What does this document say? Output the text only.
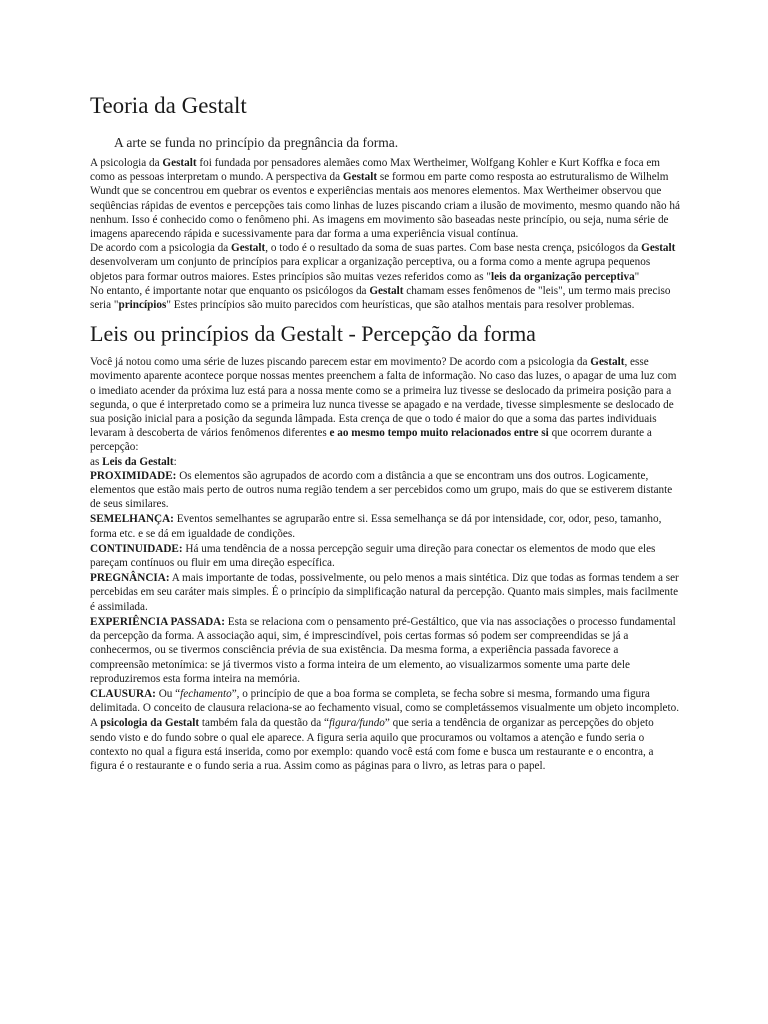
Teoria da Gestalt

A arte se funda no princípio da pregnância da forma.

A psicologia da Gestalt foi fundada por pensadores alemães como Max Wertheimer, Wolfgang Kohler e Kurt Koffka e foca em como as pessoas interpretam o mundo. A perspectiva da Gestalt se formou em parte como resposta ao estruturalismo de Wilhelm Wundt que se concentrou em quebrar os eventos e experiências mentais aos menores elementos. Max Wertheimer observou que seqüências rápidas de eventos e percepções tais como linhas de luzes piscando criam a ilusão de movimento, mesmo quando não há nenhum. Isso é conhecido como o fenômeno phi. As imagens em movimento são baseadas neste princípio, ou seja, numa série de imagens aparecendo rápida e sucessivamente para dar forma a uma experiência visual contínua.

De acordo com a psicologia da Gestalt, o todo é o resultado da soma de suas partes. Com base nesta crença, psicólogos da Gestalt desenvolveram um conjunto de princípios para explicar a organização perceptiva, ou a forma como a mente agrupa pequenos objetos para formar outros maiores. Estes princípios são muitas vezes referidos como as "leis da organização perceptiva"

No entanto, é importante notar que enquanto os psicólogos da Gestalt chamam esses fenômenos de "leis", um termo mais preciso seria "princípios" Estes princípios são muito parecidos com heurísticas, que são atalhos mentais para resolver problemas.

Leis ou princípios da Gestalt - Percepção da forma

Você já notou como uma série de luzes piscando parecem estar em movimento? De acordo com a psicologia da Gestalt, esse movimento aparente acontece porque nossas mentes preenchem a falta de informação. No caso das luzes, o apagar de uma luz com o imediato acender da próxima luz está para a nossa mente como se a primeira luz tivesse se deslocado da primeira posição para a segunda, o que é interpretado como se a primeira luz nunca tivesse se apagado e na verdade, tivesse simplesmente se deslocado de sua posição inicial para a posição da segunda lâmpada. Esta crença de que o todo é maior do que a soma das partes individuais levaram à descoberta de vários fenômenos diferentes e ao mesmo tempo muito relacionados entre si que ocorrem durante a percepção:

as Leis da Gestalt:

PROXIMIDADE: Os elementos são agrupados de acordo com a distância a que se encontram uns dos outros. Logicamente, elementos que estão mais perto de outros numa região tendem a ser percebidos como um grupo, mais do que se estiverem distante de seus similares.

SEMELHANÇA: Eventos semelhantes se agruparão entre si. Essa semelhança se dá por intensidade, cor, odor, peso, tamanho, forma etc. e se dá em igualdade de condições.

CONTINUIDADE: Há uma tendência de a nossa percepção seguir uma direção para conectar os elementos de modo que eles pareçam contínuos ou fluir em uma direção específica.

PREGNÂNCIA: A mais importante de todas, possivelmente, ou pelo menos a mais sintética. Diz que todas as formas tendem a ser percebidas em seu caráter mais simples. É o princípio da simplificação natural da percepção. Quanto mais simples, mais facilmente é assimilada.

EXPERIÊNCIA PASSADA: Esta se relaciona com o pensamento pré-Gestáltico, que via nas associações o processo fundamental da percepção da forma. A associação aqui, sim, é imprescindível, pois certas formas só podem ser compreendidas se já a conhecermos, ou se tivermos consciência prévia de sua existência. Da mesma forma, a experiência passada favorece a compreensão metonímica: se já tivermos visto a forma inteira de um elemento, ao visualizarmos somente uma parte dele reproduziremos esta forma inteira na memória.

CLAUSURA: Ou “fechamento”, o princípio de que a boa forma se completa, se fecha sobre si mesma, formando uma figura delimitada. O conceito de clausura relaciona-se ao fechamento visual, como se completássemos visualmente um objeto incompleto.

A psicologia da Gestalt também fala da questão da “figura/fundo” que seria a tendência de organizar as percepções do objeto sendo visto e do fundo sobre o qual ele aparece. A figura seria aquilo que procuramos ou voltamos a atenção e fundo seria o contexto no qual a figura está inserida, como por exemplo: quando você está com fome e busca um restaurante e o encontra, a figura é o restaurante e o fundo seria a rua. Assim como as páginas para o livro, as letras para o papel.
